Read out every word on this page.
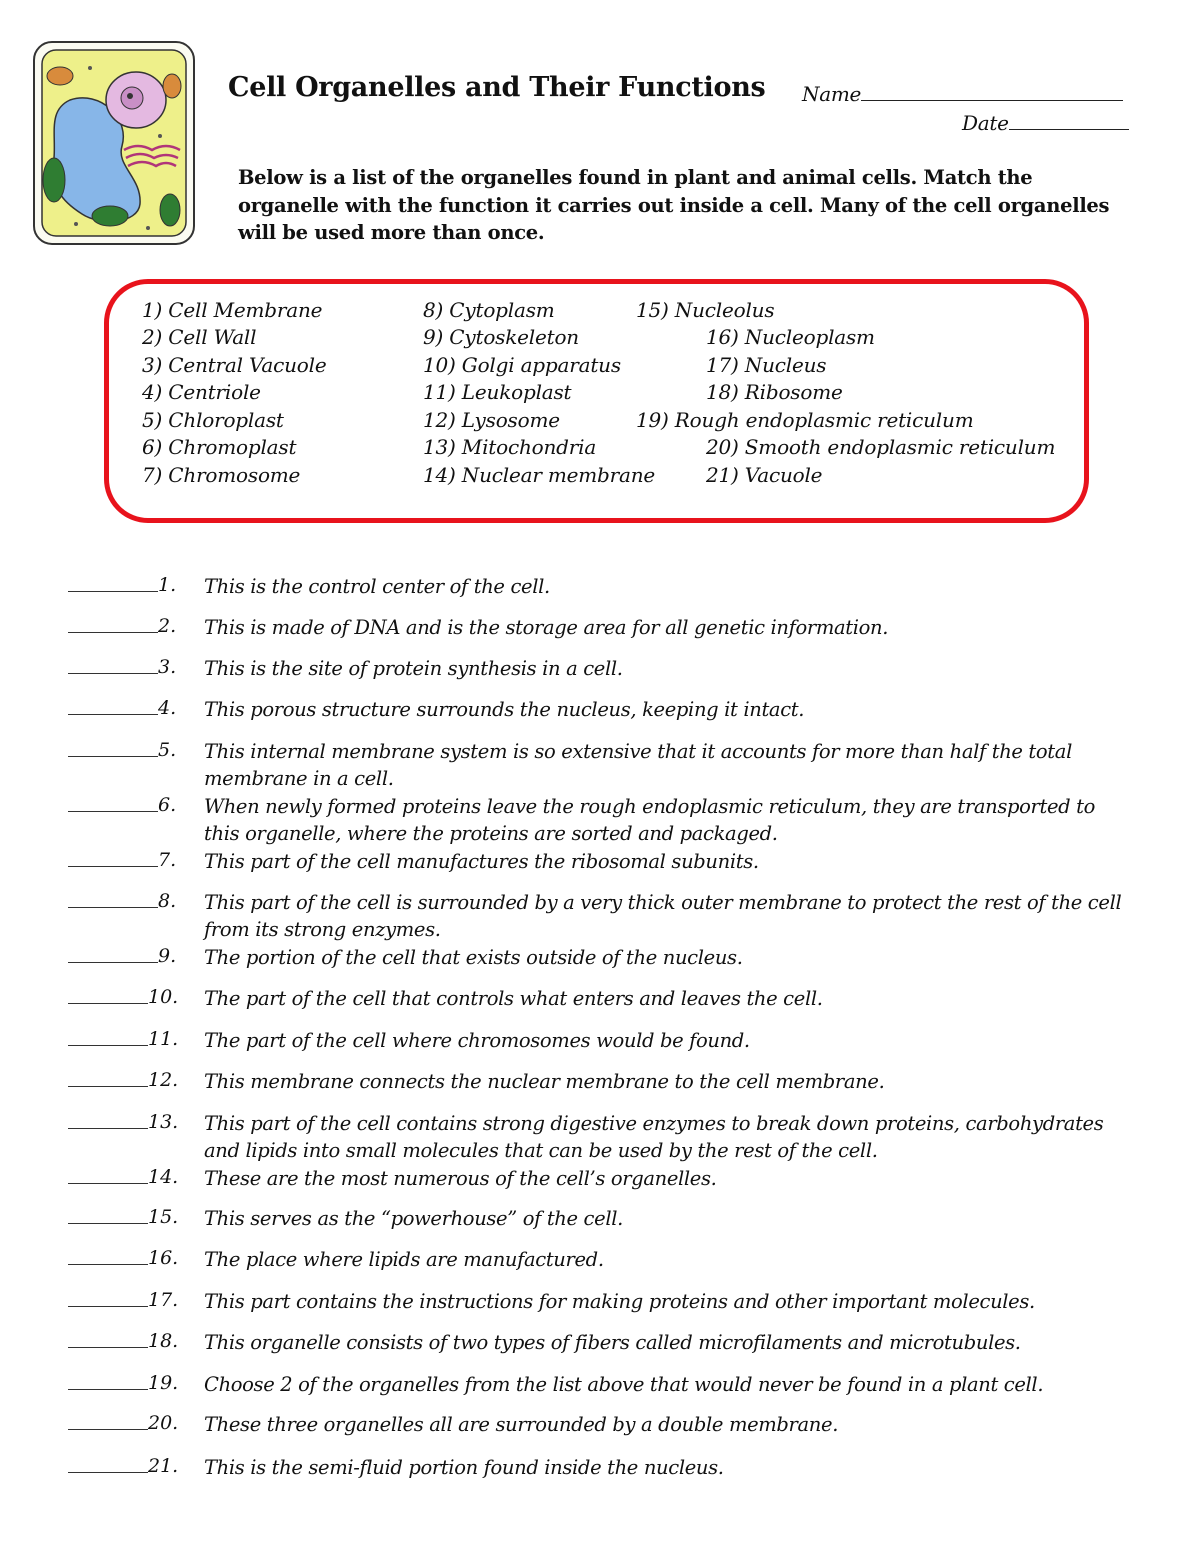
Cell Organelles and Their Functions Name
Date

Below is a list of the organelles found in plant and animal cells. Match the organelle with the function it carries out inside a cell. Many of the cell organelles will be used more than once.

1) Cell Membrane
2) Cell Wall
3) Central Vacuole
4) Centriole
5) Chloroplast
6) Chromoplast
7) Chromosome
8) Cytoplasm
9) Cytoskeleton
10) Golgi apparatus
11) Leukoplast
12) Lysosome
13) Mitochondria
14) Nuclear membrane
15) Nucleolus
16) Nucleoplasm
17) Nucleus
18) Ribosome
19) Rough endoplasmic reticulum
20) Smooth endoplasmic reticulum
21) Vacuole
1. This is the control center of the cell.
2. This is made of DNA and is the storage area for all genetic information.
3. This is the site of protein synthesis in a cell.
4. This porous structure surrounds the nucleus, keeping it intact.
5. This internal membrane system is so extensive that it accounts for more than half the total membrane in a cell.
6. When newly formed proteins leave the rough endoplasmic reticulum, they are transported to this organelle, where the proteins are sorted and packaged.
7. This part of the cell manufactures the ribosomal subunits.
8. This part of the cell is surrounded by a very thick outer membrane to protect the rest of the cell from its strong enzymes.
9. The portion of the cell that exists outside of the nucleus.
10. The part of the cell that controls what enters and leaves the cell.
11. The part of the cell where chromosomes would be found.
12. This membrane connects the nuclear membrane to the cell membrane.
13. This part of the cell contains strong digestive enzymes to break down proteins, carbohydrates and lipids into small molecules that can be used by the rest of the cell.
14. These are the most numerous of the cell’s organelles.
15. This serves as the “powerhouse” of the cell.
16. The place where lipids are manufactured.
17. This part contains the instructions for making proteins and other important molecules.
18. This organelle consists of two types of fibers called microfilaments and microtubules.
19. Choose 2 of the organelles from the list above that would never be found in a plant cell.
20. These three organelles all are surrounded by a double membrane.
21. This is the semi-fluid portion found inside the nucleus.
